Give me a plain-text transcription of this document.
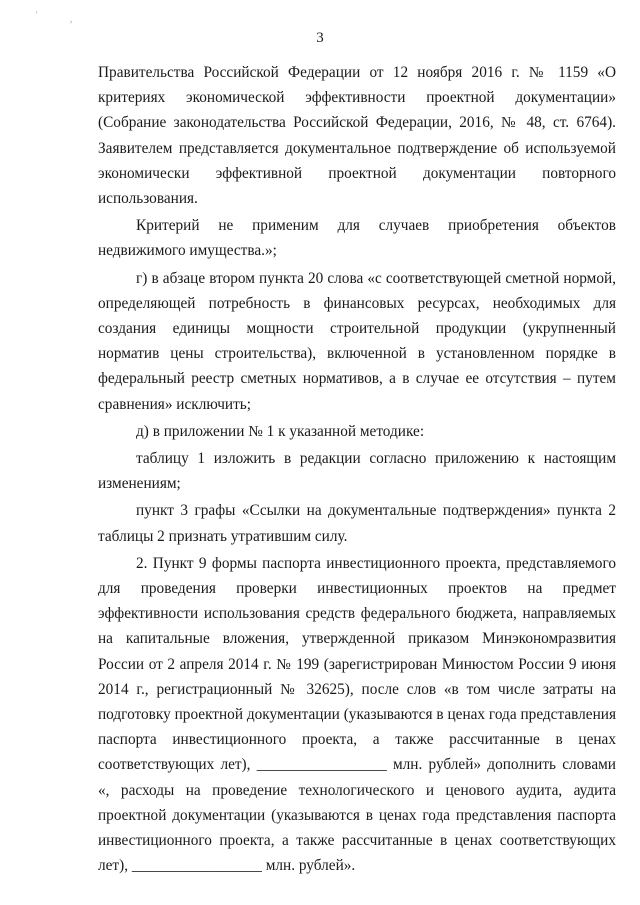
'	,
3

Правительства Российской Федерации от 12 ноября 2016 г. № 1159 «О критериях экономической эффективности проектной документации» (Собрание законодательства Российской Федерации, 2016, № 48, ст. 6764). Заявителем представляется документальное подтверждение об используемой экономически эффективной проектной документации повторного использования.

Критерий не применим для случаев приобретения объектов недвижимого имущества.»;

г) в абзаце втором пункта 20 слова «с соответствующей сметной нормой, определяющей потребность в финансовых ресурсах, необходимых для создания единицы мощности строительной продукции (укрупненный норматив цены строительства), включенной в установленном порядке в федеральный реестр сметных нормативов, а в случае ее отсутствия – путем сравнения» исключить;

д) в приложении № 1 к указанной методике:

таблицу 1 изложить в редакции согласно приложению к настоящим изменениям;

пункт 3 графы «Ссылки на документальные подтверждения» пункта 2 таблицы 2 признать утратившим силу.

2. Пункт 9 формы паспорта инвестиционного проекта, представляемого для проведения проверки инвестиционных проектов на предмет эффективности использования средств федерального бюджета, направляемых на капитальные вложения, утвержденной приказом Минэкономразвития России от 2 апреля 2014 г. № 199 (зарегистрирован Минюстом России 9 июня 2014 г., регистрационный № 32625), после слов «в том числе затраты на подготовку проектной документации (указываются в ценах года представления паспорта инвестиционного проекта, а также рассчитанные в ценах соответствующих лет), _________________ млн. рублей» дополнить словами «, расходы на проведение технологического и ценового аудита, аудита проектной документации (указываются в ценах года представления паспорта инвестиционного проекта, а также рассчитанные в ценах соответствующих лет), _________________ млн. рублей».
